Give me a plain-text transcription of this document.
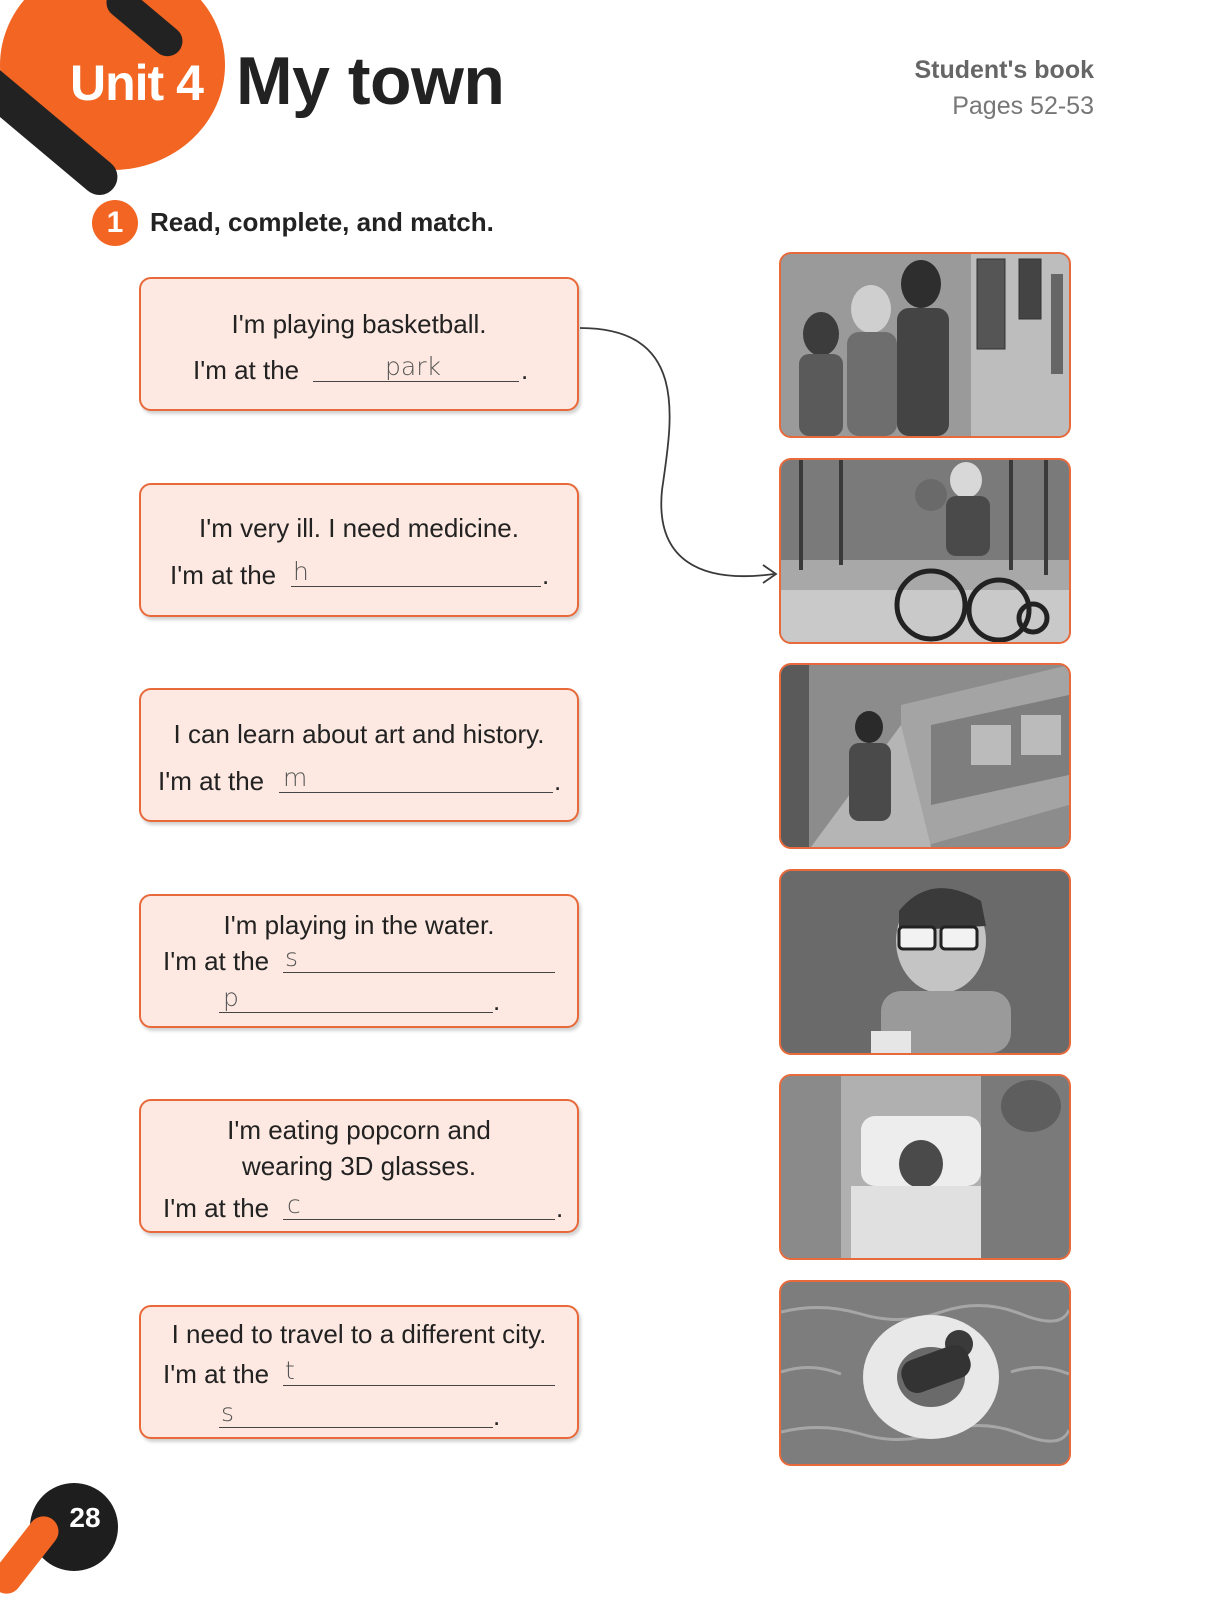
Unit 4 My town	Student's book
Pages 52-53
1	Read, complete, and match.
I'm playing basketball.
I'm at the	park	.
I'm very ill. I need medicine.
I'm at the h	.
I can learn about art and history.
I'm at the m	.
I'm playing in the water.
I'm at the s
p	.
I'm eating popcorn and
wearing 3D glasses.
I'm at the c	.
I need to travel to a different city.
I'm at the t
s	.
28
